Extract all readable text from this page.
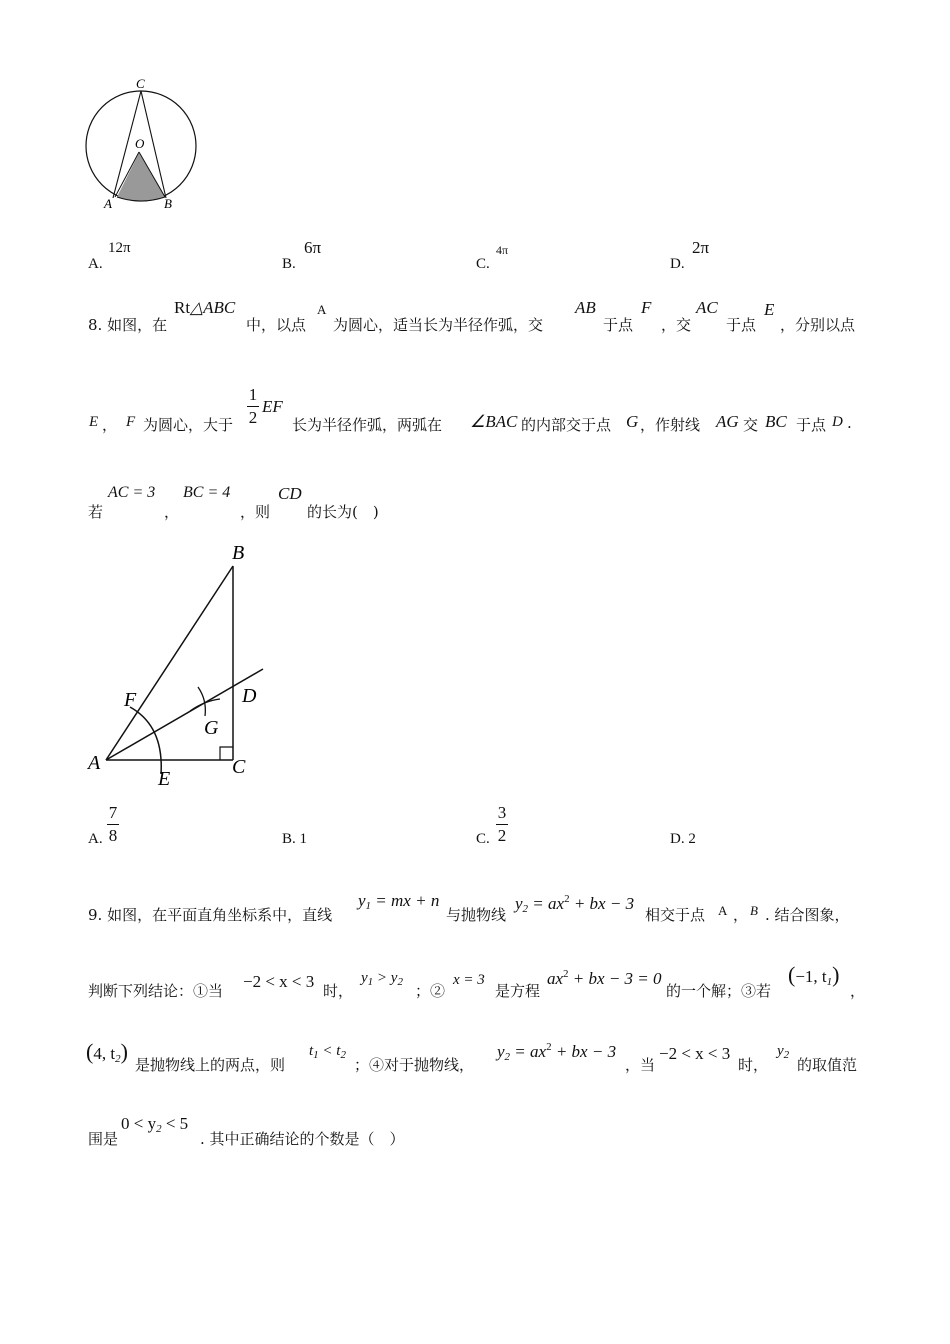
C
O
A	B
A.
12π
B.
6π
C.
4π
D.
2π
8. 如图，在
Rt △ABC
中，以点
A
为圆心，适当长为半径作弧，交
AB
于点
F
，交
AC
于点
E
，分别以点
E ， F 为圆心，大于
1
2
EF
长为半径作弧，两弧在 ∠BAC 的内部交于点 G ，作射线 AG 交 BC 于点 D .
若
AC = 3
，
BC = 4
，则
CD
的长为(　)
B
F	D
G
A
E
C
A.
7
8	B. 1	C.
3
2	D. 2
9. 如图，在平面直角坐标系中，直线
$y_1$ = mx + n
与抛物线
$y_2 = ax^2$ + bx − 3
相交于点 A ， B . 结合图象，
判断下列结论：①当 −2 < x < 3 时，
$y_1 > y_2$ ；②
x = 3
是方程
$ax^2$ + bx − 3 = 0
的一个解；③若
(−1, $t_1$)
，
(4, $t_2$)
是抛物线上的两点，则
$t_1 < t_2$
；④对于抛物线，
$y_2 = ax^2$ + bx − 3
，当
−2 < x < 3
时，
$y_2$
的取值范
围是
$0 < y_2 < 5$
. 其中正确结论的个数是（　）
